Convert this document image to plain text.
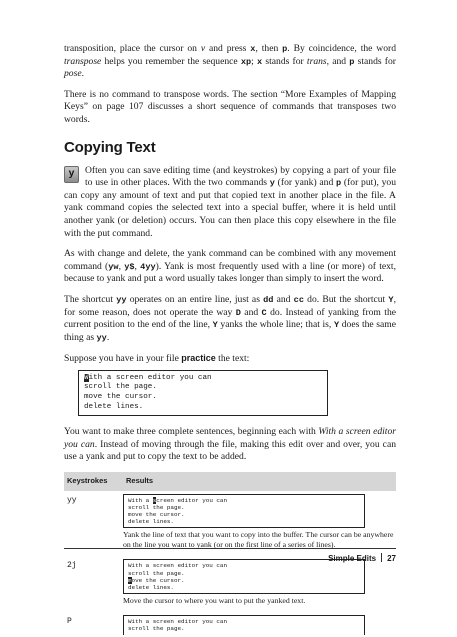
transposition, place the cursor on v and press x, then p. By coincidence, the word transpose helps you remember the sequence xp; x stands for trans, and p stands for pose.

There is no command to transpose words. The section “More Examples of Mapping Keys” on page 107 discusses a short sequence of commands that transposes two words.

Copying Text

y	Often you can save editing time (and keystrokes) by copying a part of your file to use in other places. With the two commands y (for yank) and p (for put), you can copy any amount of text and put that copied text in another place in the file. A yank command copies the selected text into a special buffer, where it is held until another yank (or deletion) occurs. You can then place this copy elsewhere in the file with the put command.

As with change and delete, the yank command can be combined with any movement command (yw, y$, 4yy). Yank is most frequently used with a line (or more) of text, because to yank and put a word usually takes longer than simply to insert the word.

The shortcut yy operates on an entire line, just as dd and cc do. But the shortcut Y, for some reason, does not operate the way D and C do. Instead of yanking from the current position to the end of the line, Y yanks the whole line; that is, Y does the same thing as yy.

Suppose you have in your file practice the text:

With a screen editor you can
scroll the page.
move the cursor.
delete lines.

You want to make three complete sentences, beginning each with With a screen editor you can. Instead of moving through the file, making this edit over and over, you can use a yank and put to copy the text to be added.

Keystrokes	Results
yy	With a screen editor you can
scroll the page.
move the cursor.
delete lines.
Yank the line of text that you want to copy into the buffer. The cursor can be anywhere on the line you want to yank (or on the first line of a series of lines).

2j	With a screen editor you can
scroll the page.
move the cursor.
delete lines.
Move the cursor to where you want to put the yanked text.

P	With a screen editor you can
scroll the page.
Simple Edits 27
